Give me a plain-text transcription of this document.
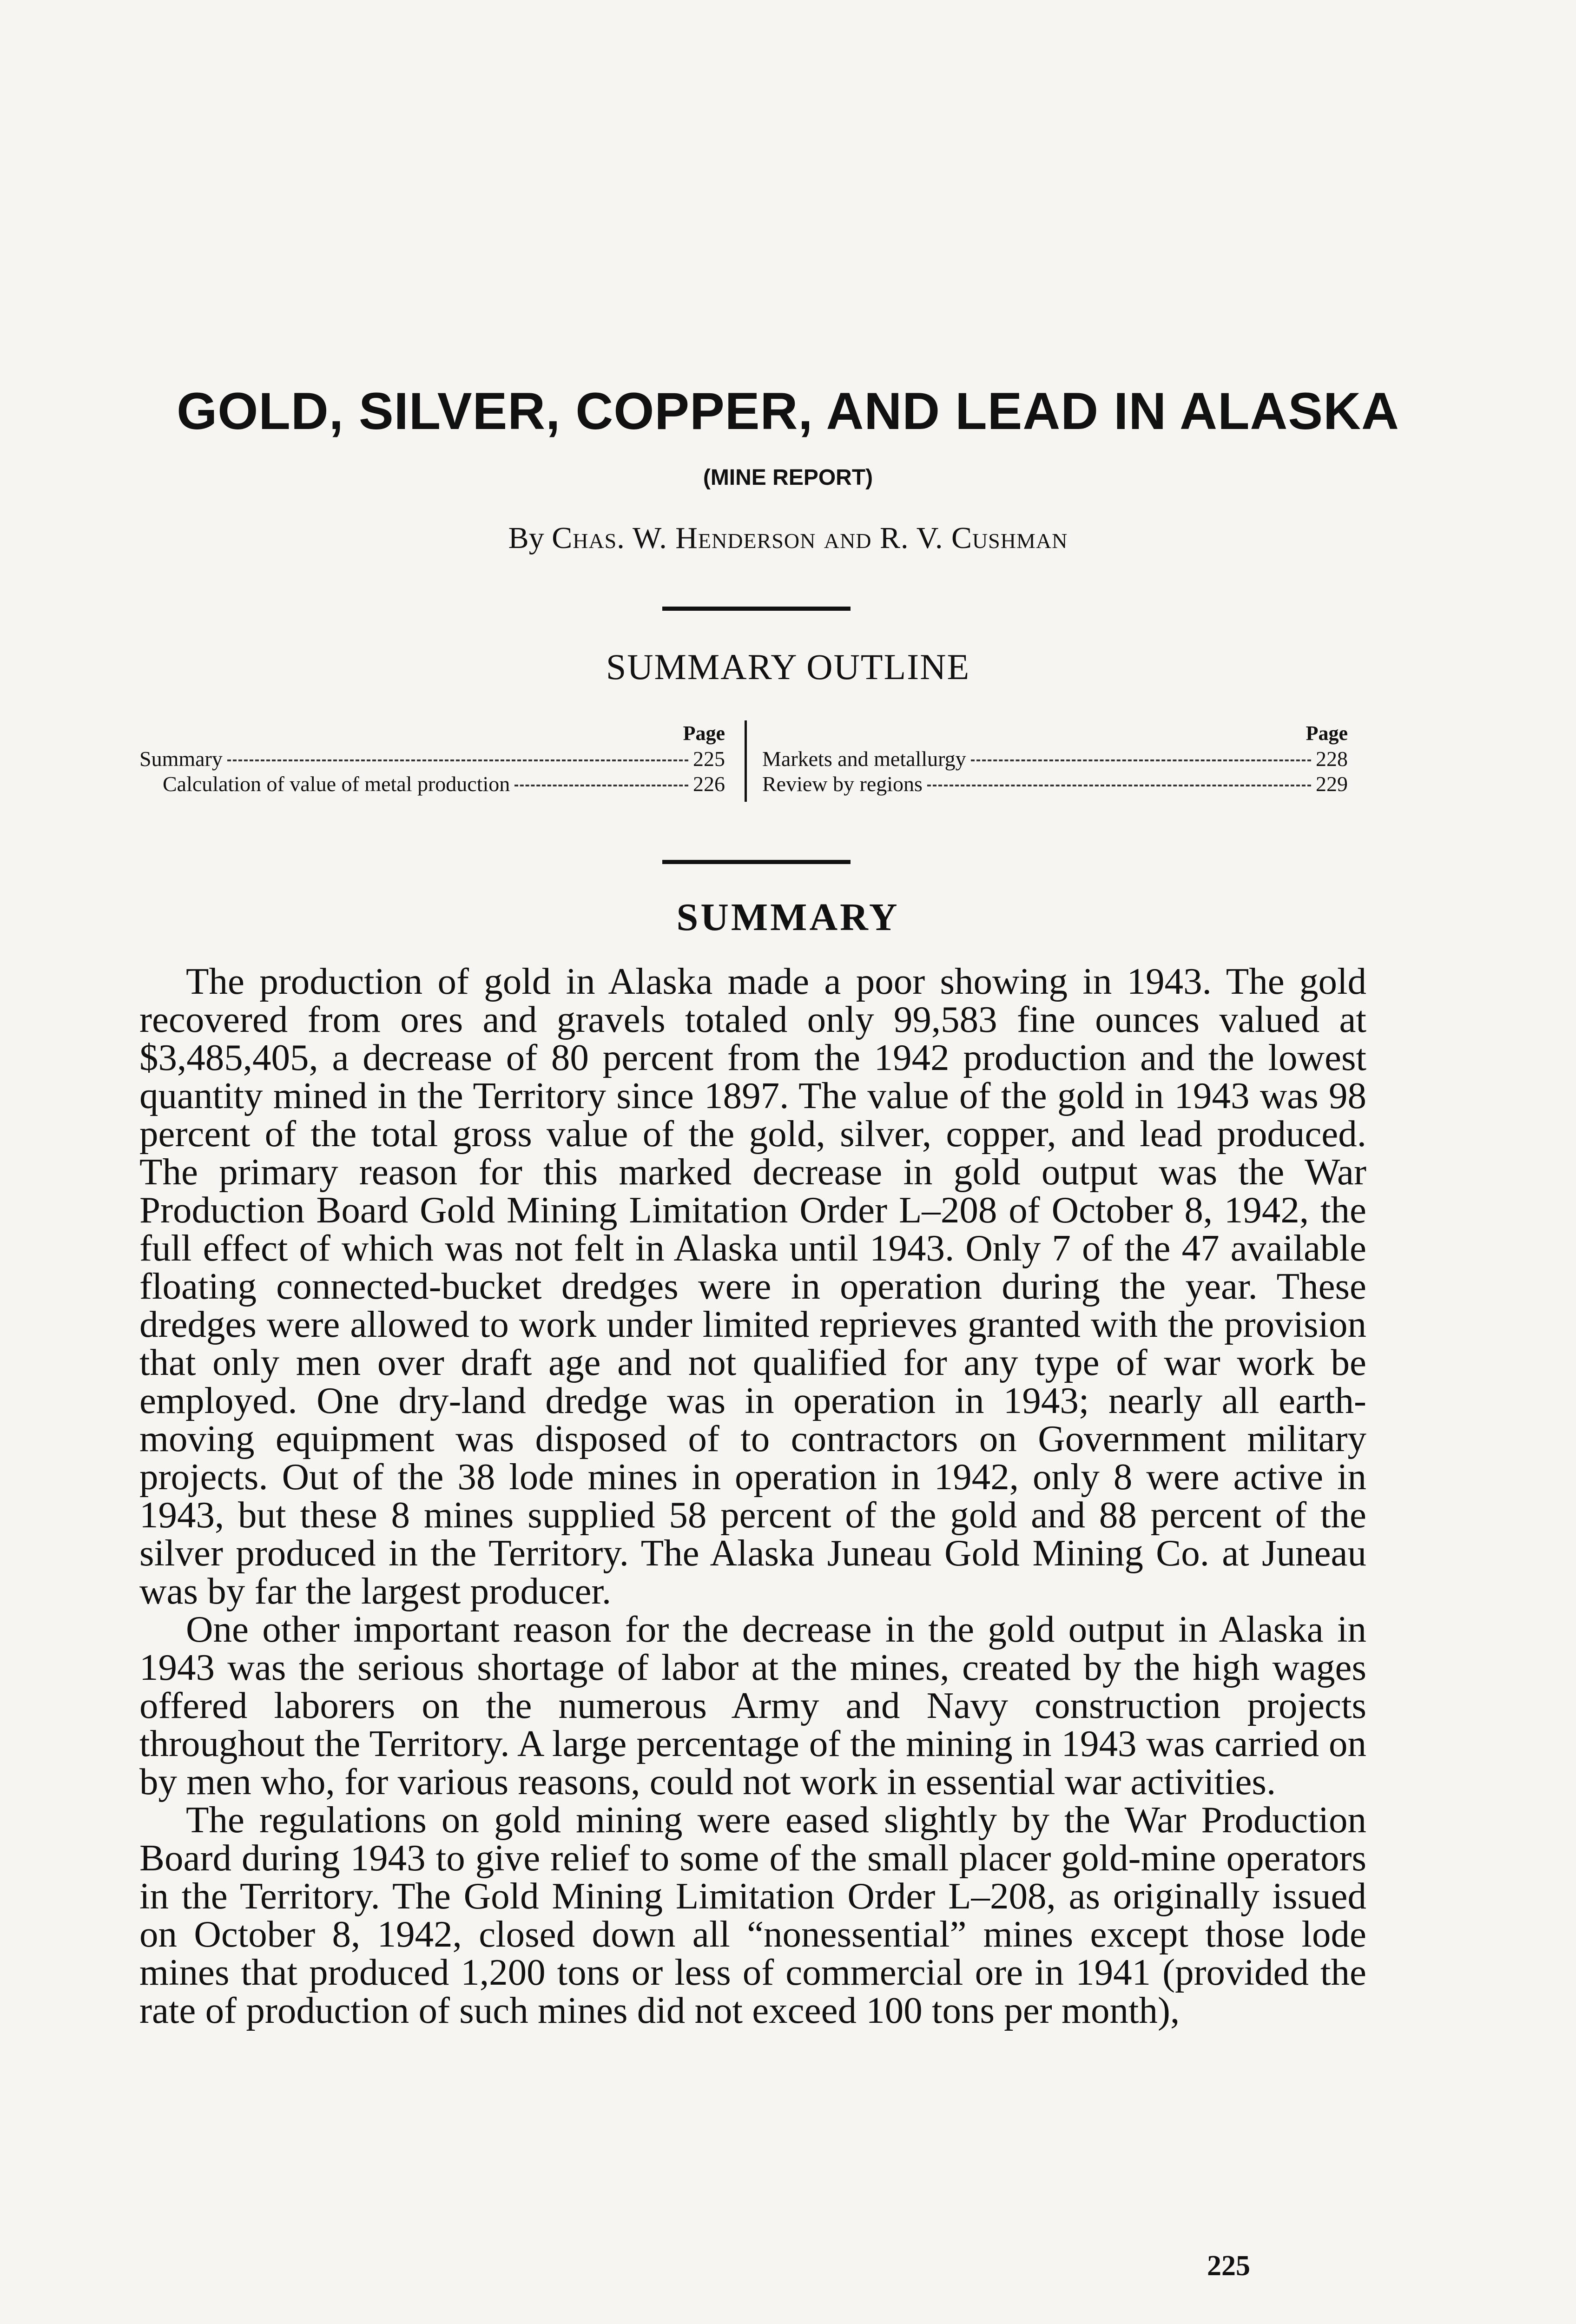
GOLD, SILVER, COPPER, AND LEAD IN ALASKA
(MINE REPORT)
By Chas. W. Henderson and R. V. Cushman
SUMMARY OUTLINE
Page
Summary	225
Calculation of value of metal production	226
Page
Markets and metallurgy	228
Review by regions	229
SUMMARY

The production of gold in Alaska made a poor showing in 1943. The gold recovered from ores and gravels totaled only 99,583 fine ounces valued at $3,485,405, a decrease of 80 percent from the 1942 production and the lowest quantity mined in the Territory since 1897. The value of the gold in 1943 was 98 percent of the total gross value of the gold, silver, copper, and lead produced. The primary reason for this marked decrease in gold output was the War Production Board Gold Mining Limitation Order L–208 of October 8, 1942, the full effect of which was not felt in Alaska until 1943. Only 7 of the 47 available floating connected-bucket dredges were in operation during the year. These dredges were allowed to work under limited reprieves granted with the provision that only men over draft age and not qualified for any type of war work be employed. One dry-land dredge was in operation in 1943; nearly all earth-moving equipment was disposed of to contractors on Government military projects. Out of the 38 lode mines in operation in 1942, only 8 were active in 1943, but these 8 mines supplied 58 percent of the gold and 88 percent of the silver produced in the Territory. The Alaska Juneau Gold Mining Co. at Juneau was by far the largest producer.

One other important reason for the decrease in the gold output in Alaska in 1943 was the serious shortage of labor at the mines, created by the high wages offered laborers on the numerous Army and Navy construction projects throughout the Territory. A large percentage of the mining in 1943 was carried on by men who, for various reasons, could not work in essential war activities.

The regulations on gold mining were eased slightly by the War Production Board during 1943 to give relief to some of the small placer gold-mine operators in the Territory. The Gold Mining Limitation Order L–208, as originally issued on October 8, 1942, closed down all “nonessential” mines except those lode mines that produced 1,200 tons or less of commercial ore in 1941 (provided the rate of production of such mines did not exceed 100 tons per month),

225
